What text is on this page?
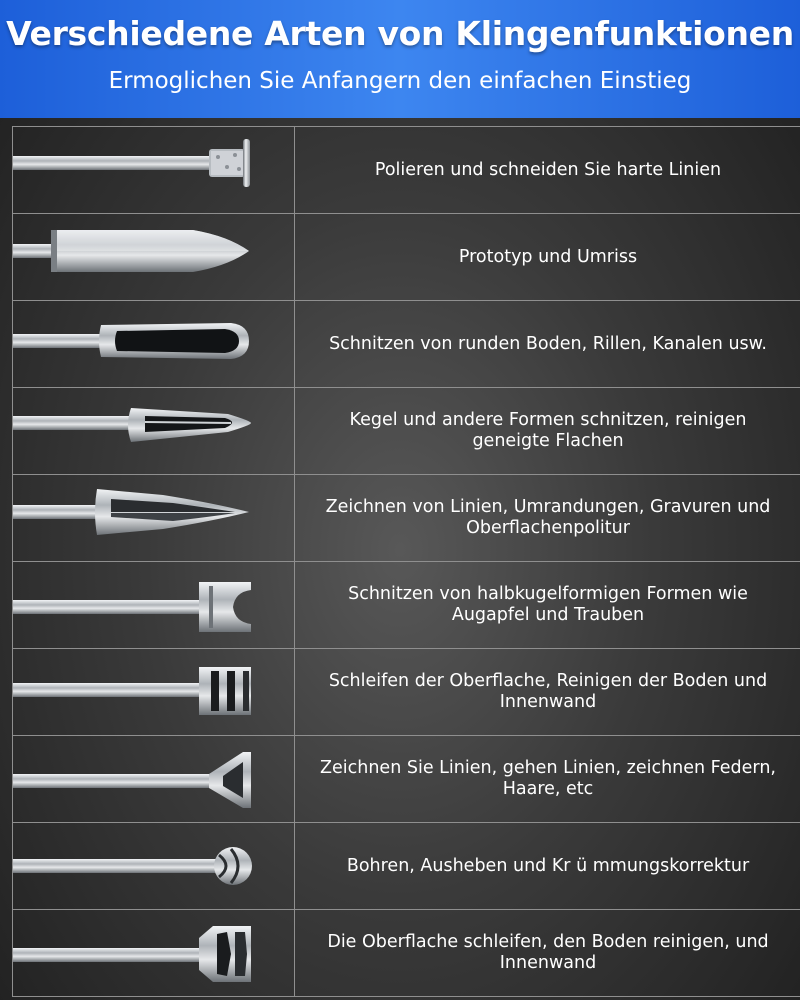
Verschiedene Arten von Klingenfunktionen
Ermoglichen Sie Anfangern den einfachen Einstieg
Polieren und schneiden Sie harte Linien
Prototyp und Umriss
Schnitzen von runden Boden, Rillen, Kanalen usw.
Kegel und andere Formen schnitzen, reinigen geneigte Flachen
Zeichnen von Linien, Umrandungen, Gravuren und Oberflachenpolitur
Schnitzen von halbkugelformigen Formen wie Augapfel und Trauben
Schleifen der Oberflache, Reinigen der Boden und Innenwand
Zeichnen Sie Linien, gehen Linien, zeichnen Federn, Haare, etc
Bohren, Ausheben und Kr ü mmungskorrektur
Die Oberflache schleifen, den Boden reinigen, und Innenwand
